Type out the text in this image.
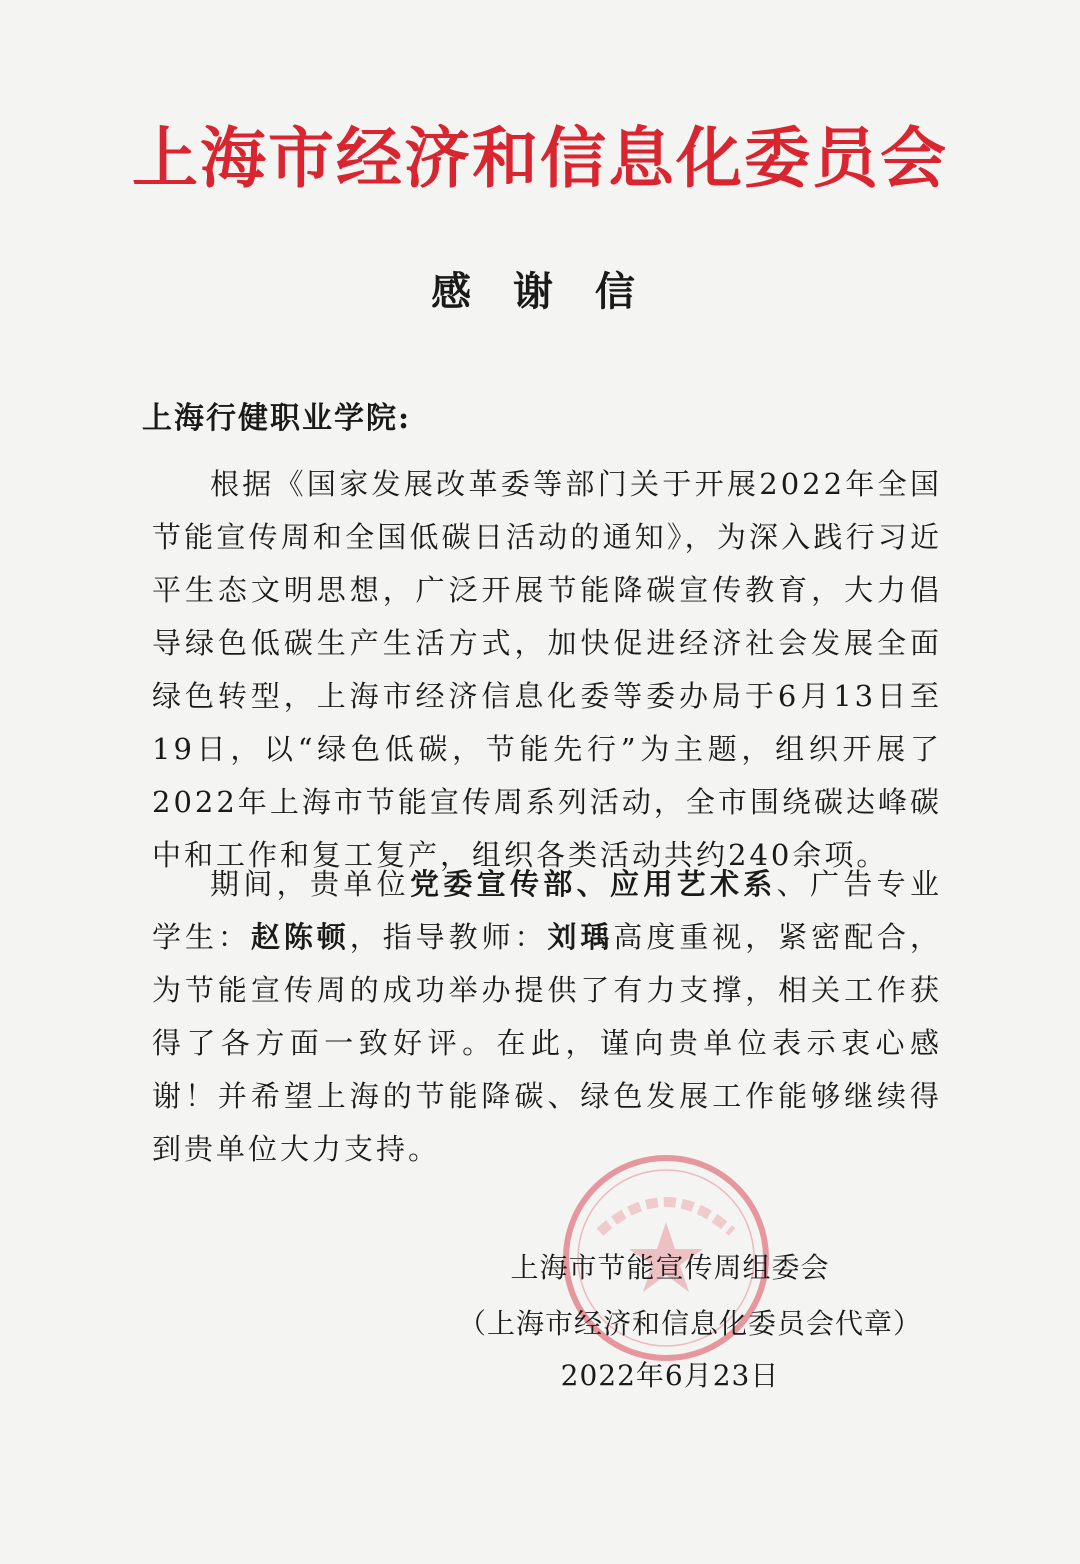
上海市经济和信息化委员会
感 谢 信
上海行健职业学院:

根据《国家发展改革委等部门关于开展2022年全国节能宣传周和全国低碳日活动的通知》，为深入践行习近平生态文明思想，广泛开展节能降碳宣传教育，大力倡导绿色低碳生产生活方式，加快促进经济社会发展全面绿色转型，上海市经济信息化委等委办局于6月13日至19日，以“绿色低碳，节能先行”为主题，组织开展了2022年上海市节能宣传周系列活动，全市围绕碳达峰碳中和工作和复工复产，组织各类活动共约240余项。

期间，贵单位党委宣传部、应用艺术系、广告专业学生：赵陈顿，指导教师：刘瑀高度重视，紧密配合，为节能宣传周的成功举办提供了有力支撑，相关工作获得了各方面一致好评。在此，谨向贵单位表示衷心感谢！并希望上海的节能降碳、绿色发展工作能够继续得到贵单位大力支持。

上海市节能宣传周组委会
（上海市经济和信息化委员会代章）
2022年6月23日
